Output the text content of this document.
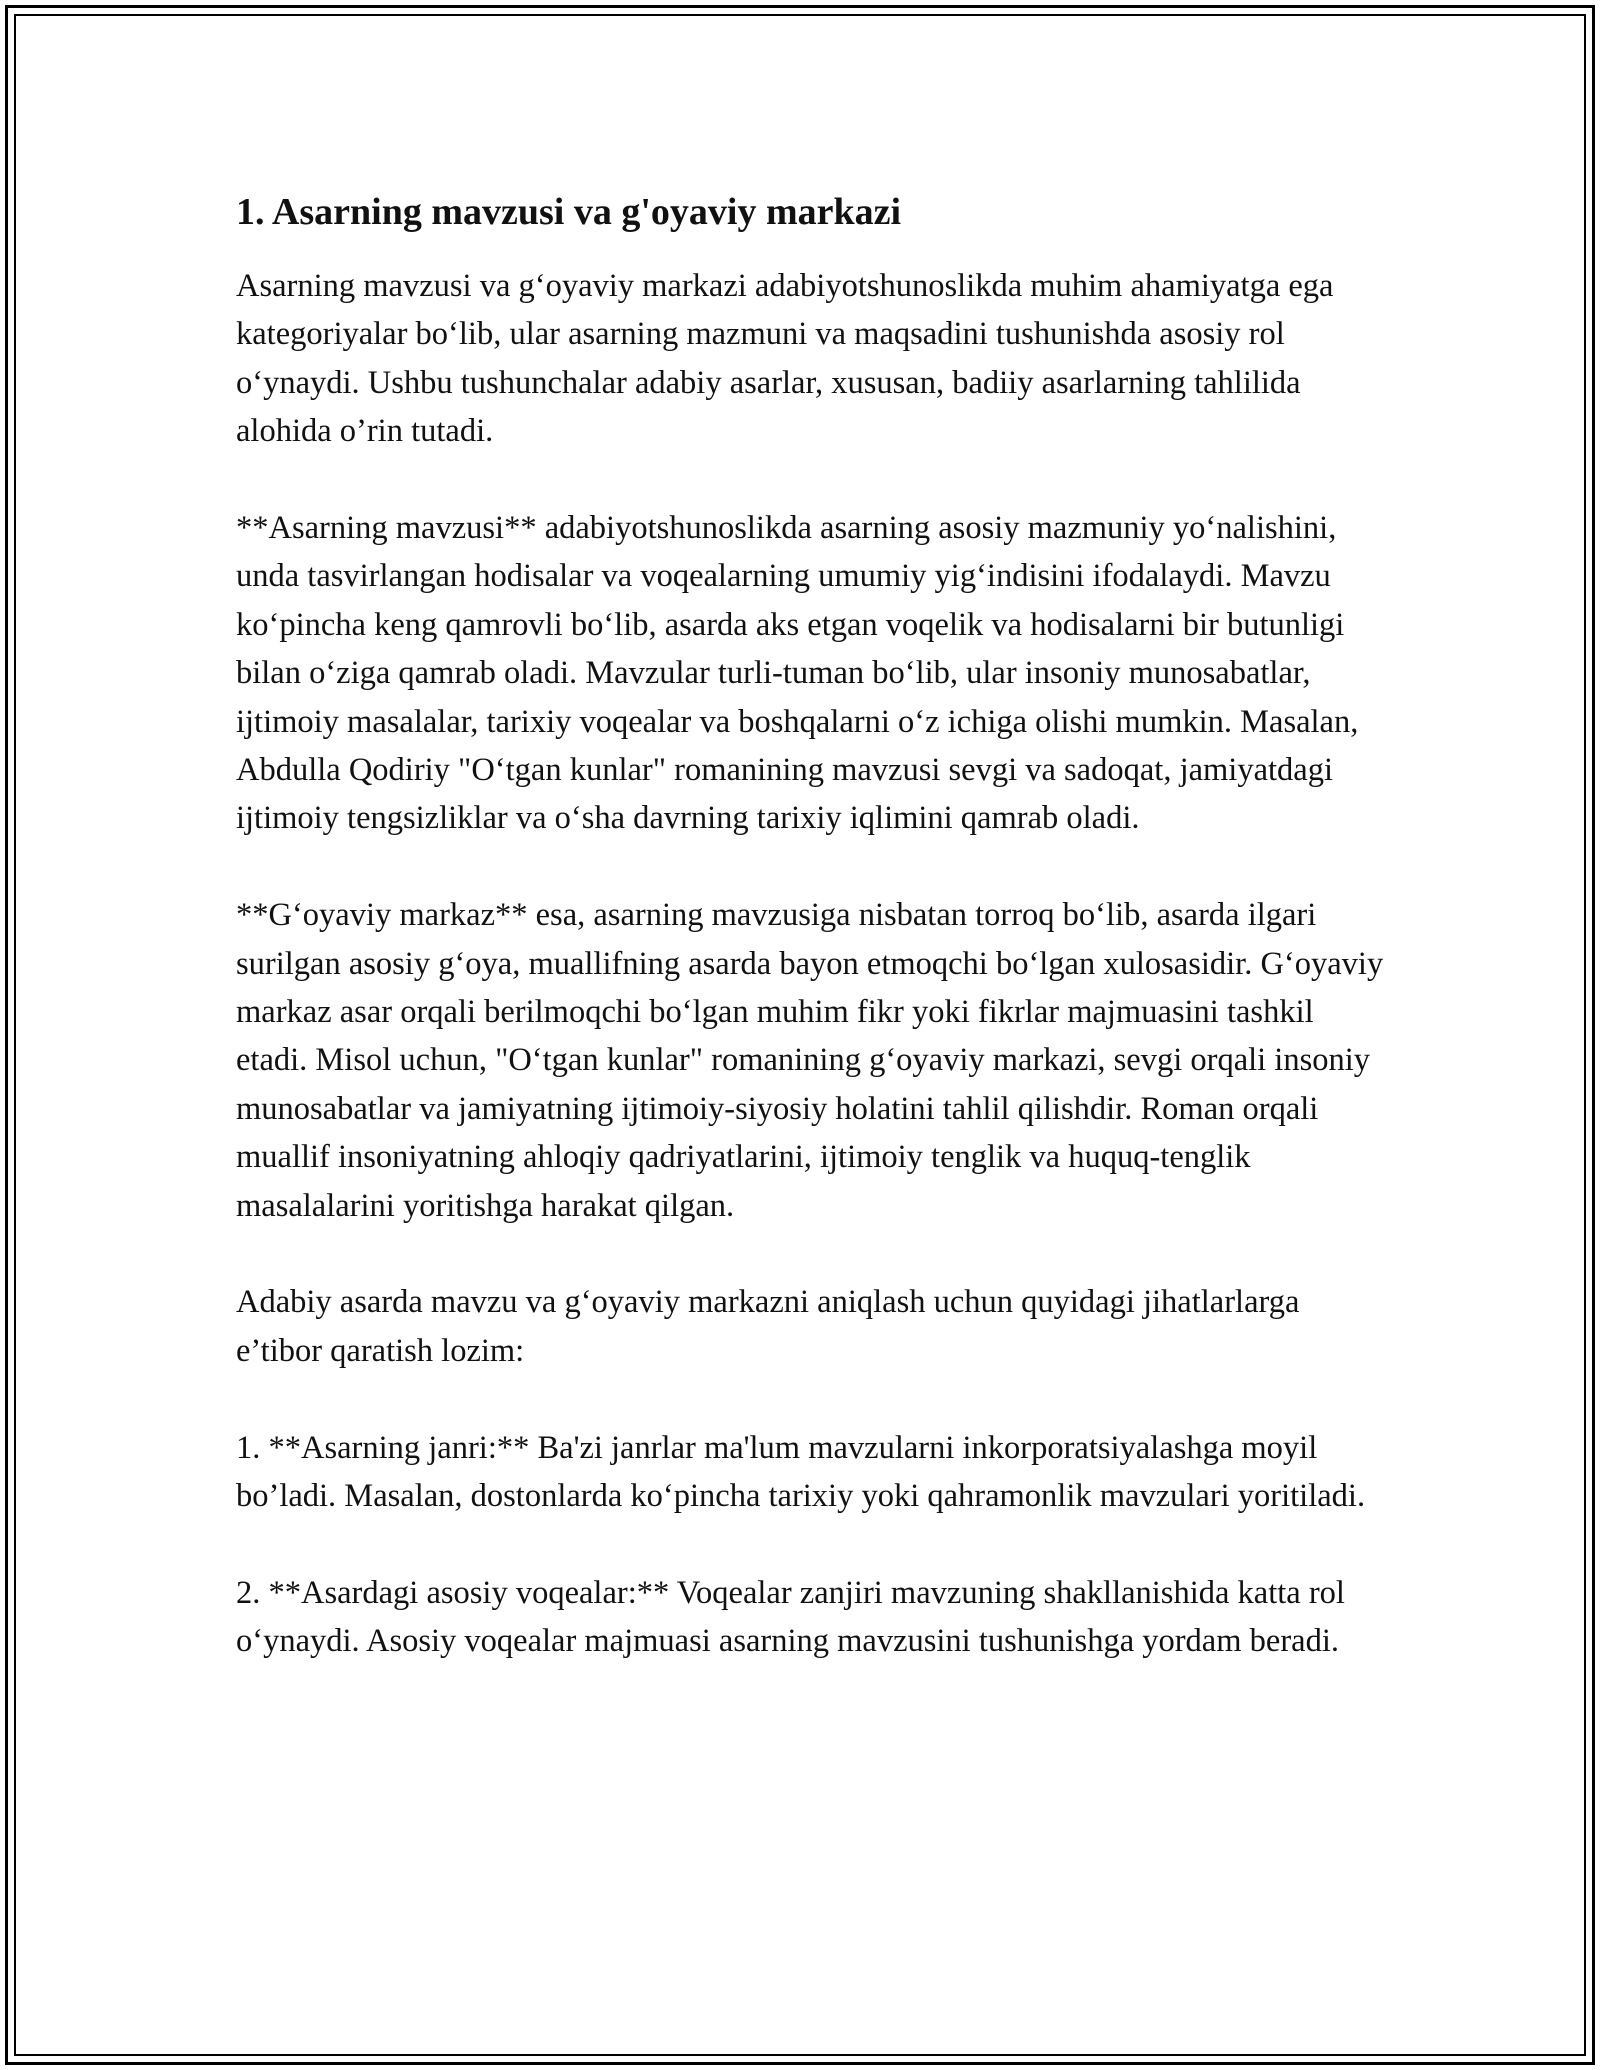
1. Asarning mavzusi va g'oyaviy markazi

Asarning mavzusi va g‘oyaviy markazi adabiyotshunoslikda muhim ahamiyatga ega kategoriyalar bo‘lib, ular asarning mazmuni va maqsadini tushunishda asosiy rol o‘ynaydi. Ushbu tushunchalar adabiy asarlar, xususan, badiiy asarlarning tahlilida alohida o’rin tutadi.

**Asarning mavzusi** adabiyotshunoslikda asarning asosiy mazmuniy yo‘nalishini, unda tasvirlangan hodisalar va voqealarning umumiy yig‘indisini ifodalaydi. Mavzu ko‘pincha keng qamrovli bo‘lib, asarda aks etgan voqelik va hodisalarni bir butunligi bilan o‘ziga qamrab oladi. Mavzular turli-tuman bo‘lib, ular insoniy munosabatlar, ijtimoiy masalalar, tarixiy voqealar va boshqalarni o‘z ichiga olishi mumkin. Masalan, Abdulla Qodiriy "O‘tgan kunlar" romanining mavzusi sevgi va sadoqat, jamiyatdagi ijtimoiy tengsizliklar va o‘sha davrning tarixiy iqlimini qamrab oladi.

**G‘oyaviy markaz** esa, asarning mavzusiga nisbatan torroq bo‘lib, asarda ilgari surilgan asosiy g‘oya, muallifning asarda bayon etmoqchi bo‘lgan xulosasidir. G‘oyaviy markaz asar orqali berilmoqchi bo‘lgan muhim fikr yoki fikrlar majmuasini tashkil etadi. Misol uchun, "O‘tgan kunlar" romanining g‘oyaviy markazi, sevgi orqali insoniy munosabatlar va jamiyatning ijtimoiy-siyosiy holatini tahlil qilishdir. Roman orqali muallif insoniyatning ahloqiy qadriyatlarini, ijtimoiy tenglik va huquq-tenglik masalalarini yoritishga harakat qilgan.

Adabiy asarda mavzu va g‘oyaviy markazni aniqlash uchun quyidagi jihatlarlarga e’tibor qaratish lozim:

1. **Asarning janri:** Ba'zi janrlar ma'lum mavzularni inkorporatsiyalashga moyil bo’ladi. Masalan, dostonlarda ko‘pincha tarixiy yoki qahramonlik mavzulari yoritiladi.

2. **Asardagi asosiy voqealar:** Voqealar zanjiri mavzuning shakllanishida katta rol o‘ynaydi. Asosiy voqealar majmuasi asarning mavzusini tushunishga yordam beradi.
